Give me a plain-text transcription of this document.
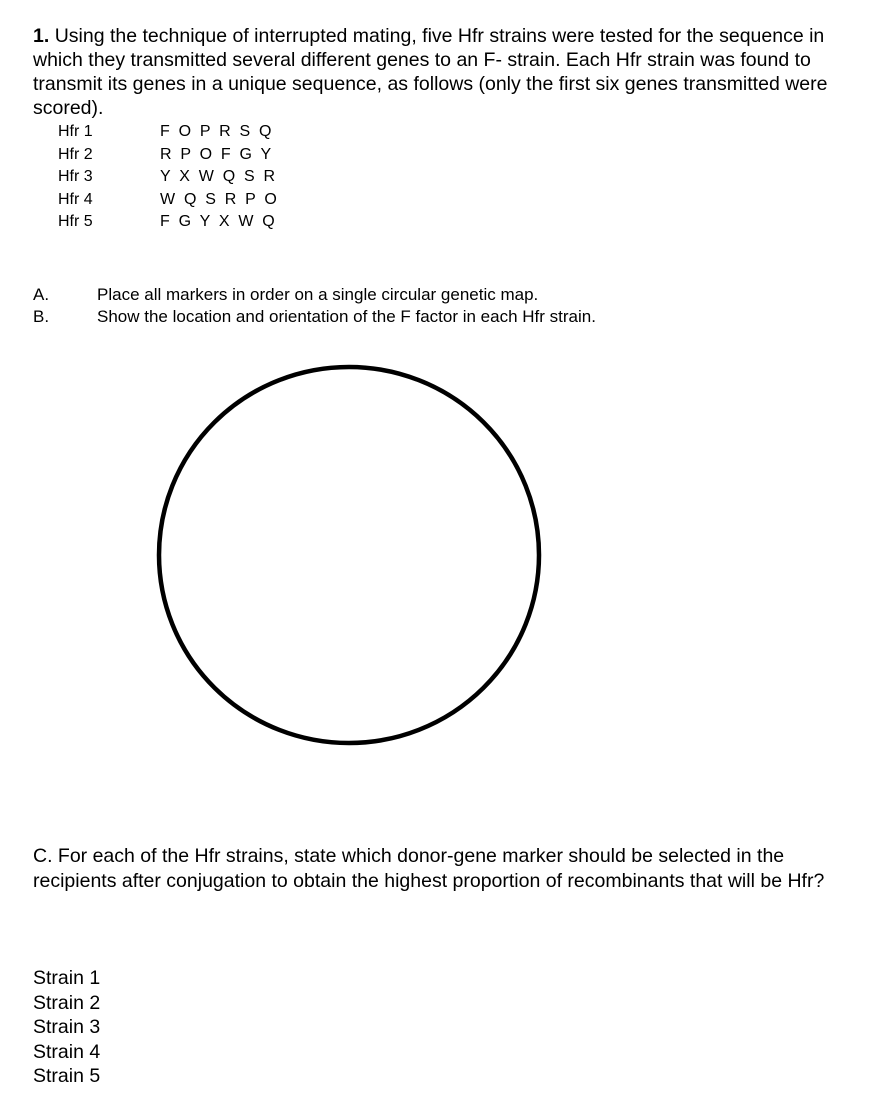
1. Using the technique of interrupted mating, five Hfr strains were tested for the sequence in which they transmitted several different genes to an F- strain. Each Hfr strain was found to transmit its genes in a unique sequence, as follows (only the first six genes transmitted were scored).

Hfr 1	F O P R S Q
Hfr 2	R P O F G Y
Hfr 3	Y X W Q S R
Hfr 4	W Q S R P O
Hfr 5	F G Y X W Q
A.	Place all markers in order on a single circular genetic map.
B.	Show the location and orientation of the F factor in each Hfr strain.

C. For each of the Hfr strains, state which donor-gene marker should be selected in the recipients after conjugation to obtain the highest proportion of recombinants that will be Hfr?

Strain 1
Strain 2
Strain 3
Strain 4
Strain 5
